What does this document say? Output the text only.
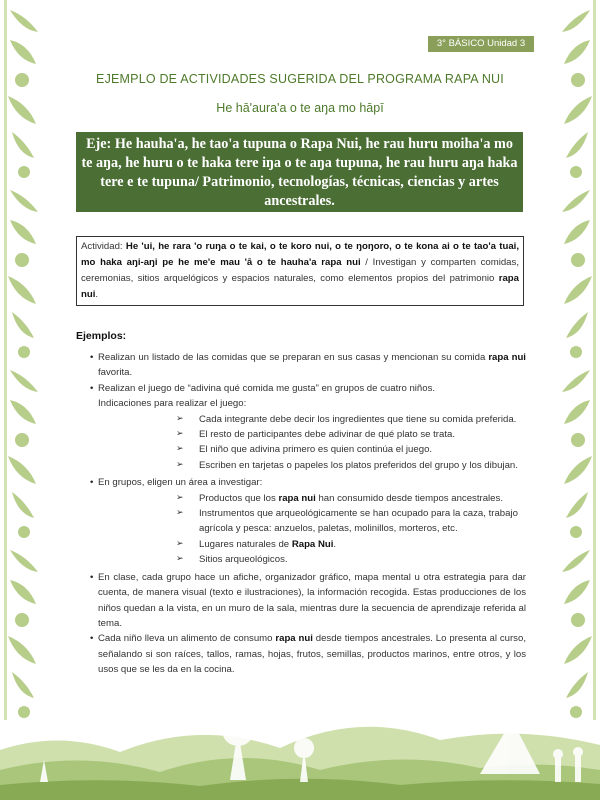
3° BÁSICO Unidad 3
EJEMPLO DE ACTIVIDADES SUGERIDA DEL PROGRAMA RAPA NUI
He hā'aura'a o te aŋa mo hāpī
Eje: He hauha'a, he tao'a tupuna o Rapa Nui, he rau huru moiha'a mo te aŋa, he huru o te haka tere iŋa o te aŋa tupuna, he rau huru aŋa haka tere e te tupuna/ Patrimonio, tecnologías, técnicas, ciencias y artes ancestrales.
Actividad: He 'ui, he rara 'o ruŋa o te kai, o te koro nui, o te ŋoŋoro, o te kona ai o te tao'a tuai, mo haka aŋi-aŋi pe he me'e mau 'ā o te hauha'a rapa nui / Investigan y comparten comidas, ceremonias, sitios arquelógicos y espacios naturales, como elementos propios del patrimonio rapa nui.
Ejemplos:

• Realizan un listado de las comidas que se preparan en sus casas y mencionan su comida rapa nui favorita.

• Realizan el juego de “adivina qué comida me gusta” en grupos de cuatro niños.

Indicaciones para realizar el juego:

➢ Cada integrante debe decir los ingredientes que tiene su comida preferida.

➢ El resto de participantes debe adivinar de qué plato se trata.

➢ El niño que adivina primero es quien continúa el juego.

➢ Escriben en tarjetas o papeles los platos preferidos del grupo y los dibujan.

• En grupos, eligen un área a investigar:

➢ Productos que los rapa nui han consumido desde tiempos ancestrales.

➢ Instrumentos que arqueológicamente se han ocupado para la caza, trabajo agrícola y pesca: anzuelos, paletas, molinillos, morteros, etc.

➢ Lugares naturales de Rapa Nui.

➢ Sitios arqueológicos.

• En clase, cada grupo hace un afiche, organizador gráfico, mapa mental u otra estrategia para dar cuenta, de manera visual (texto e ilustraciones), la información recogida. Estas producciones de los niños quedan a la vista, en un muro de la sala, mientras dure la secuencia de aprendizaje referida al tema.

• Cada niño lleva un alimento de consumo rapa nui desde tiempos ancestrales. Lo presenta al curso, señalando si son raíces, tallos, ramas, hojas, frutos, semillas, productos marinos, entre otros, y los usos que se les da en la cocina.
